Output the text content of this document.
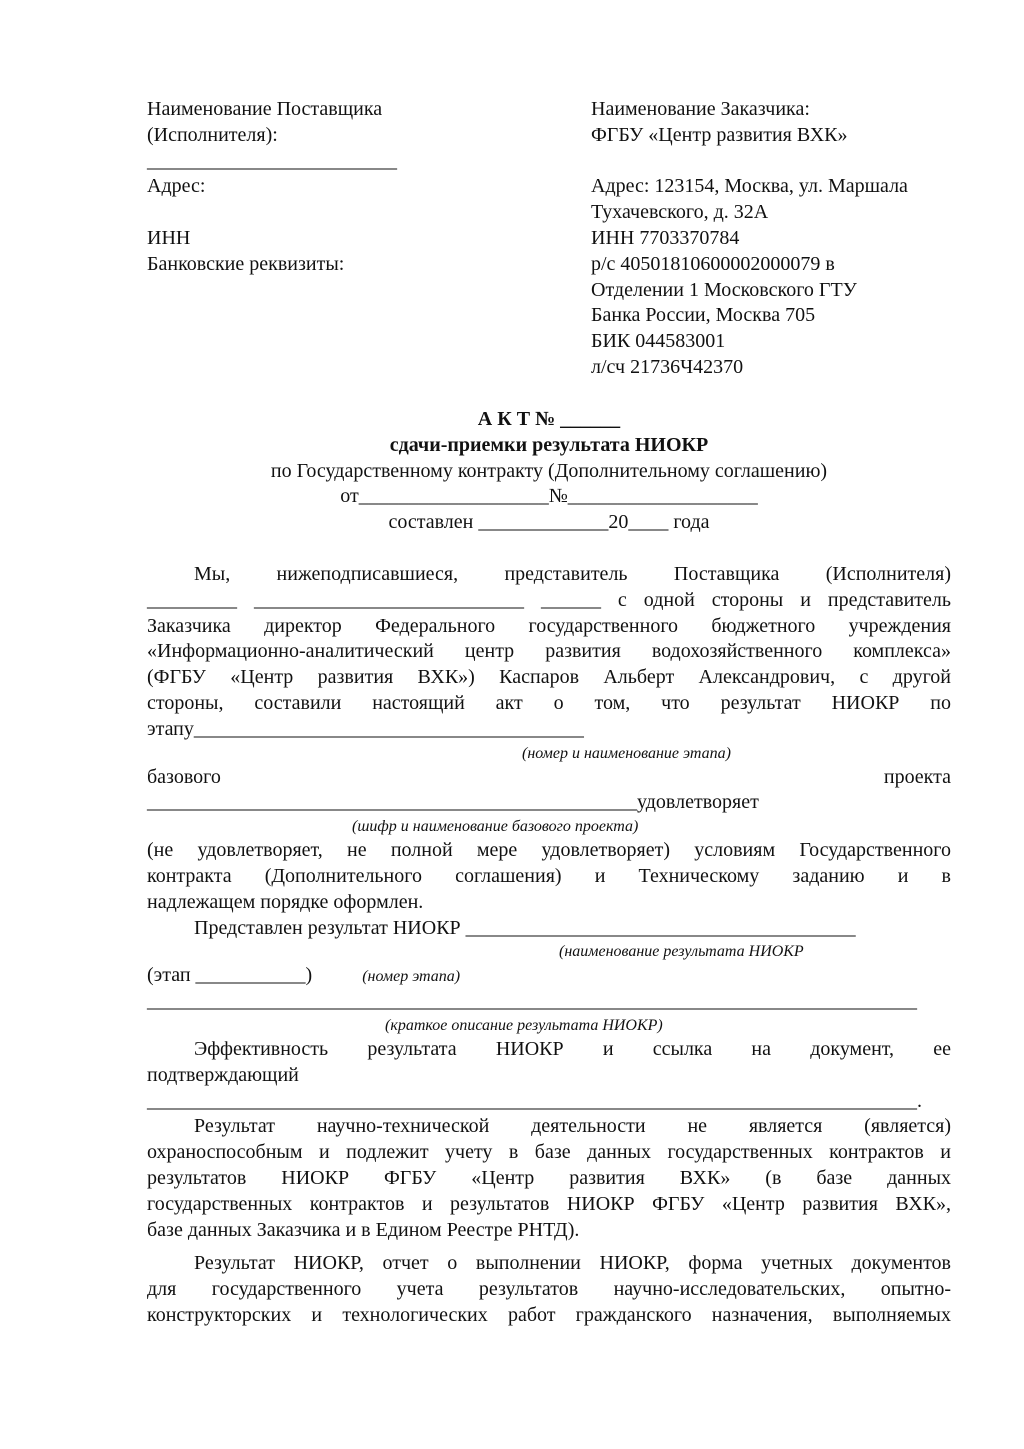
Наименование Поставщика
(Исполнителя):
_________________________
Адрес:
ИНН
Банковские реквизиты:
Наименование Заказчика:
ФГБУ «Центр развития ВХК»
Адрес: 123154, Москва, ул. Маршала
Тухачевского, д. 32А
ИНН 7703370784
р/с 40501810600002000079 в
Отделении 1 Московского ГТУ
Банка России, Москва 705
БИК 044583001
л/сч 21736Ч42370
А К Т № ______
сдачи-приемки результата НИОКР
по Государственному контракту (Дополнительному соглашению)
от___________________№___________________
составлен _____________20____ года
Мы, нижеподписавшиеся, представитель Поставщика (Исполнителя)
_________ ___________________________ ______ с одной стороны и представитель
Заказчика директор Федерального государственного бюджетного учреждения
«Информационно-аналитический центр развития водохозяйственного комплекса»
(ФГБУ «Центр развития ВХК») Каспаров Альберт Александрович, с другой
стороны, составили настоящий акт о том, что результат НИОКР по
этапу_______________________________________
(номер и наименование этапа)
базового	проекта
_________________________________________________удовлетворяет
(шифр и наименование базового проекта)
(не удовлетворяет, не полной мере удовлетворяет) условиям Государственного
контракта (Дополнительного соглашения) и Техническому заданию и в
надлежащем порядке оформлен.
Представлен результат НИОКР _______________________________________
(наименование результата НИОКР
(этап ___________)	(номер этапа)
_____________________________________________________________________________
(краткое описание результата НИОКР)
Эффективность результата НИОКР и ссылка на документ, ее
подтверждающий
_____________________________________________________________________________.
Результат научно-технической деятельности не является (является)
охраноспособным и подлежит учету в базе данных государственных контрактов и
результатов НИОКР ФГБУ «Центр развития ВХК» (в базе данных
государственных контрактов и результатов НИОКР ФГБУ «Центр развития ВХК»,
базе данных Заказчика и в Едином Реестре РНТД).
Результат НИОКР, отчет о выполнении НИОКР, форма учетных документов
для государственного учета результатов научно-исследовательских, опытно-
конструкторских и технологических работ гражданского назначения, выполняемых
